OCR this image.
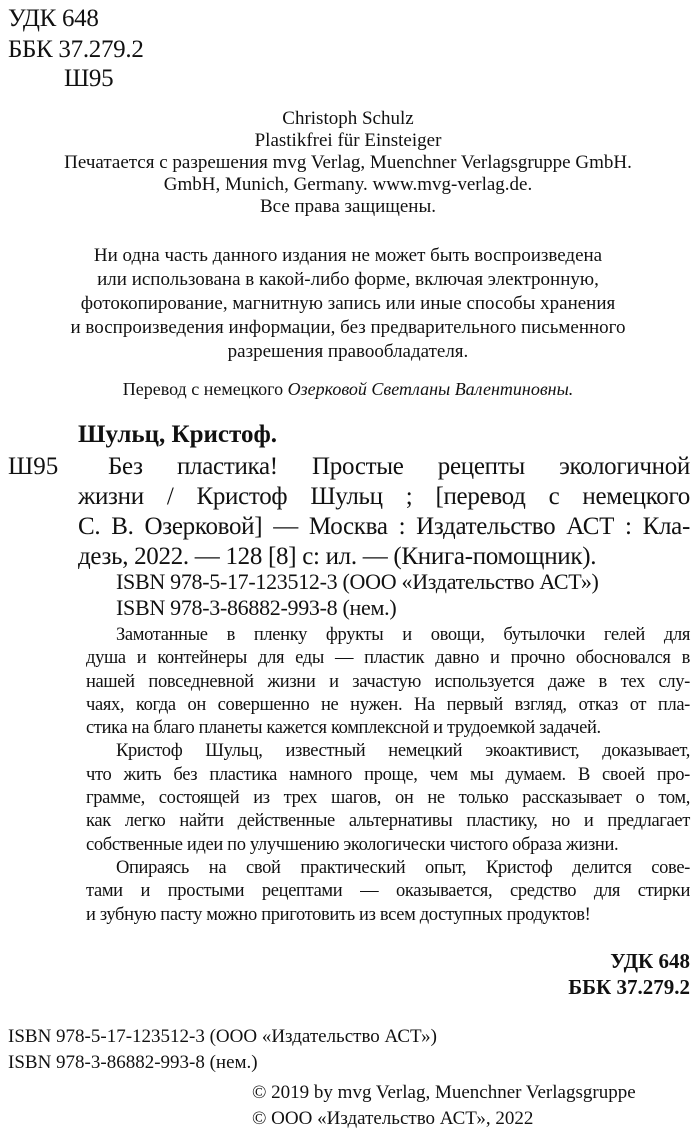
УДК 648
ББК 37.279.2
Ш95
Christoph Schulz
Plastikfrei für Einsteiger
Печатается с разрешения mvg Verlag, Muenchner Verlagsgruppe GmbH.
GmbH, Munich, Germany. www.mvg-verlag.de.
Все права защищены.
Ни одна часть данного издания не может быть воспроизведена
или использована в какой-либо форме, включая электронную,
фотокопирование, магнитную запись или иные способы хранения
и воспроизведения информации, без предварительного письменного
разрешения правообладателя.
Перевод с немецкого Озерковой Светланы Валентиновны.
Шульц, Кристоф.
Ш95	Без пластика! Простые рецепты экологичной
жизни / Кристоф Шульц ; [перевод с немецкого
С. В. Озерковой] — Москва : Издательство АСТ : Кла-
дезь, 2022. — 128 [8] с: ил. — (Книга-помощник).
ISBN 978-5-17-123512-3 (ООО «Издательство АСТ»)
ISBN 978-3-86882-993-8 (нем.)
Замотанные в пленку фрукты и овощи, бутылочки гелей для
душа и контейнеры для еды — пластик давно и прочно обосновался в
нашей повседневной жизни и зачастую используется даже в тех слу-
чаях, когда он совершенно не нужен. На первый взгляд, отказ от пла-
стика на благо планеты кажется комплексной и трудоемкой задачей.
Кристоф Шульц, известный немецкий экоактивист, доказывает,
что жить без пластика намного проще, чем мы думаем. В своей про-
грамме, состоящей из трех шагов, он не только рассказывает о том,
как легко найти действенные альтернативы пластику, но и предлагает
собственные идеи по улучшению экологически чистого образа жизни.
Опираясь на свой практический опыт, Кристоф делится сове-
тами и простыми рецептами — оказывается, средство для стирки
и зубную пасту можно приготовить из всем доступных продуктов!
УДК 648
ББК 37.279.2
ISBN 978-5-17-123512-3 (ООО «Издательство АСТ»)
ISBN 978-3-86882-993-8 (нем.)
© 2019 by mvg Verlag, Muenchner Verlagsgruppe
© ООО «Издательство АСТ», 2022
